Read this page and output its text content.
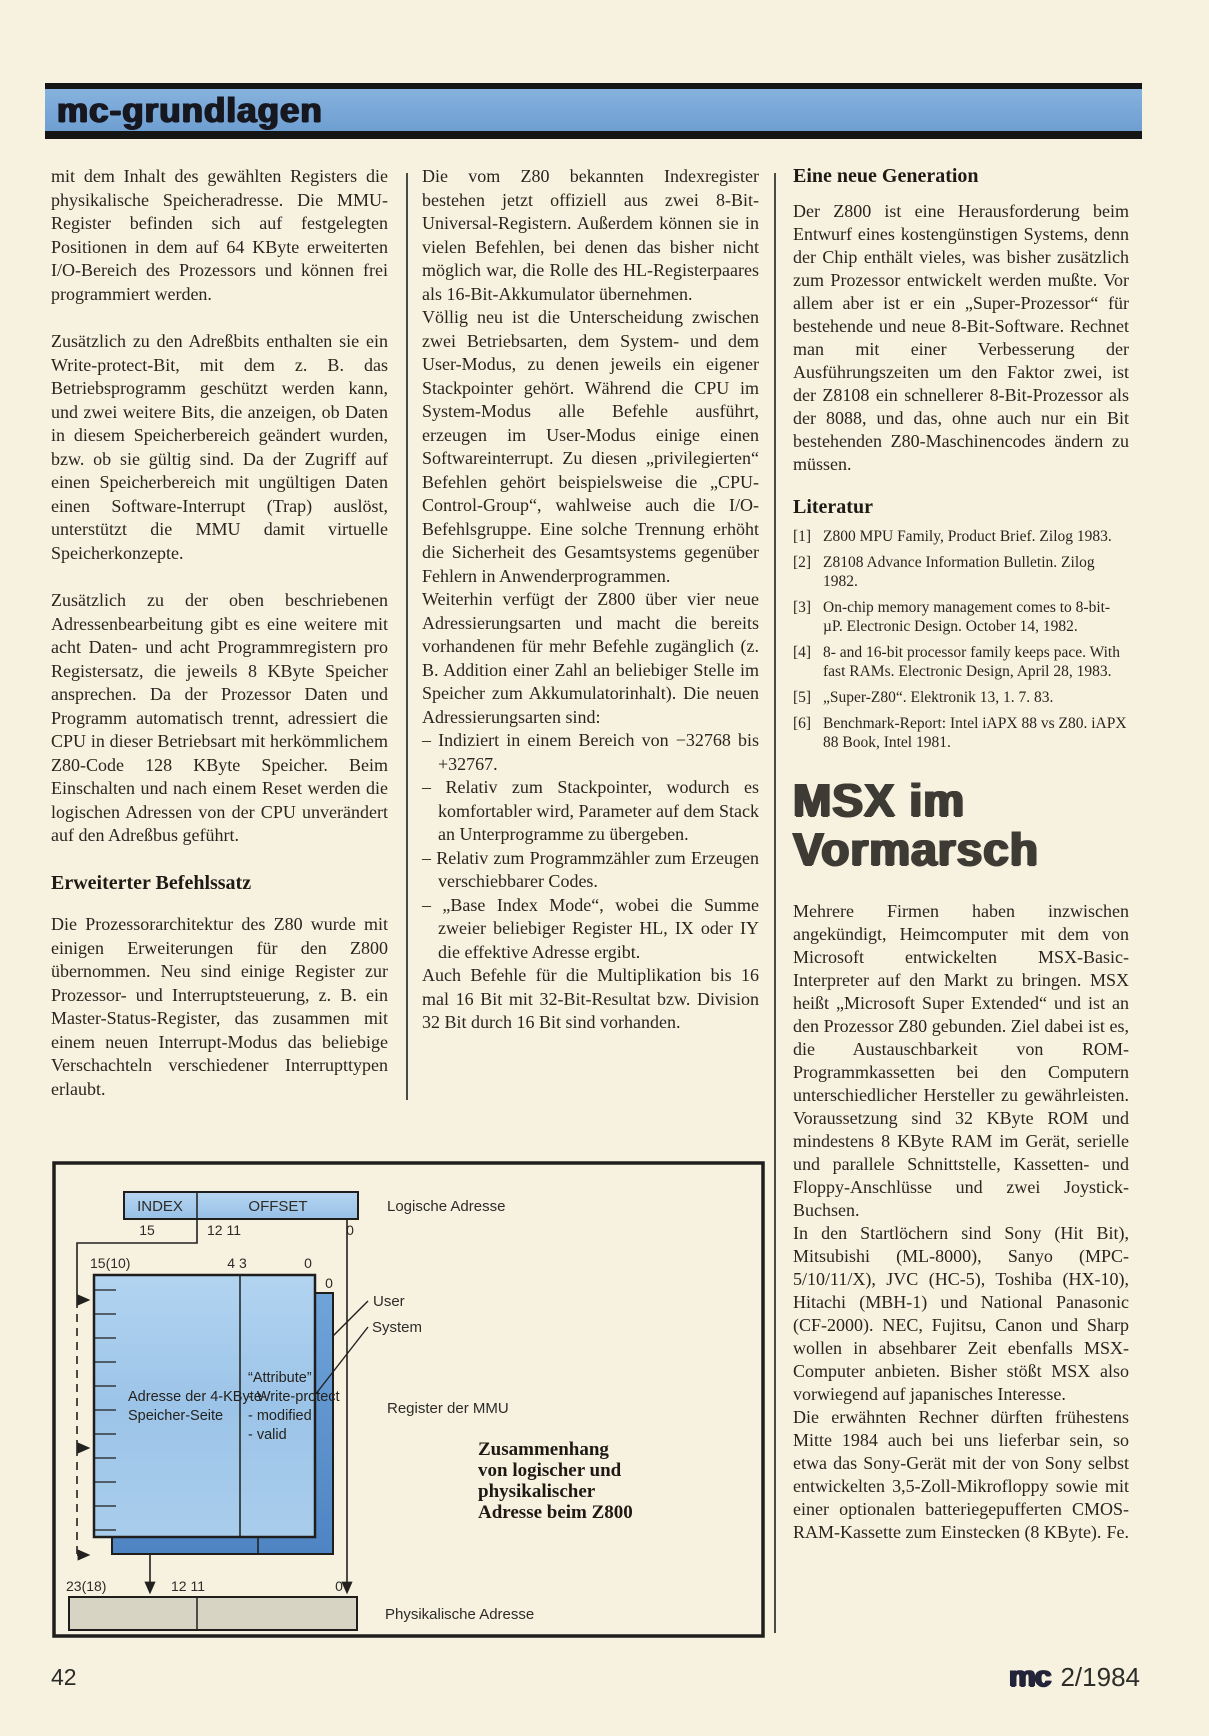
mc-grundlagen

mit dem Inhalt des gewählten Registers die physikalische Speicheradresse. Die MMU-Register befinden sich auf festgelegten Positionen in dem auf 64 KByte erweiterten I/O-Bereich des Prozessors und können frei programmiert werden.

Zusätzlich zu den Adreßbits enthalten sie ein Write-protect-Bit, mit dem z. B. das Betriebsprogramm geschützt werden kann, und zwei weitere Bits, die anzeigen, ob Daten in diesem Speicherbereich geändert wurden, bzw. ob sie gültig sind. Da der Zugriff auf einen Speicherbereich mit ungültigen Daten einen Software-Interrupt (Trap) auslöst, unterstützt die MMU damit virtuelle Speicherkonzepte.

Zusätzlich zu der oben beschriebenen Adressenbearbeitung gibt es eine weitere mit acht Daten- und acht Programmregistern pro Registersatz, die jeweils 8 KByte Speicher ansprechen. Da der Prozessor Daten und Programm automatisch trennt, adressiert die CPU in dieser Betriebsart mit herkömmlichem Z80-Code 128 KByte Speicher. Beim Einschalten und nach einem Reset werden die logischen Adressen von der CPU unverändert auf den Adreßbus geführt.

Erweiterter Befehlssatz

Die Prozessorarchitektur des Z80 wurde mit einigen Erweiterungen für den Z800 übernommen. Neu sind einige Register zur Prozessor- und Interruptsteuerung, z. B. ein Master-Status-Register, das zusammen mit einem neuen Interrupt-Modus das beliebige Verschachteln verschiedener Interrupttypen erlaubt.

Die vom Z80 bekannten Indexregister bestehen jetzt offiziell aus zwei 8-Bit-Universal-Registern. Außerdem können sie in vielen Befehlen, bei denen das bisher nicht möglich war, die Rolle des HL-Registerpaares als 16-Bit-Akkumulator übernehmen.

Völlig neu ist die Unterscheidung zwischen zwei Betriebsarten, dem System- und dem User-Modus, zu denen jeweils ein eigener Stackpointer gehört. Während die CPU im System-Modus alle Befehle ausführt, erzeugen im User-Modus einige einen Softwareinterrupt. Zu diesen „privilegierten“ Befehlen gehört beispielsweise die „CPU-Control-Group“, wahlweise auch die I/O-Befehlsgruppe. Eine solche Trennung erhöht die Sicherheit des Gesamtsystems gegenüber Fehlern in Anwenderprogrammen.

Weiterhin verfügt der Z800 über vier neue Adressierungsarten und macht die bereits vorhandenen für mehr Befehle zugänglich (z. B. Addition einer Zahl an beliebiger Stelle im Speicher zum Akkumulatorinhalt). Die neuen Adressierungsarten sind:

– Indiziert in einem Bereich von −32768 bis +32767.
– Relativ zum Stackpointer, wodurch es komfortabler wird, Parameter auf dem Stack an Unterprogramme zu übergeben.
– Relativ zum Programmzähler zum Erzeugen verschiebbarer Codes.
– „Base Index Mode“, wobei die Summe zweier beliebiger Register HL, IX oder IY die effektive Adresse ergibt.

Auch Befehle für die Multiplikation bis 16 mal 16 Bit mit 32-Bit-Resultat bzw. Division 32 Bit durch 16 Bit sind vorhanden.

Eine neue Generation

Der Z800 ist eine Herausforderung beim Entwurf eines kostengünstigen Systems, denn der Chip enthält vieles, was bisher zusätzlich zum Prozessor entwickelt werden mußte. Vor allem aber ist er ein „Super-Prozessor“ für bestehende und neue 8-Bit-Software. Rechnet man mit einer Verbesserung der Ausführungszeiten um den Faktor zwei, ist der Z8108 ein schnellerer 8-Bit-Prozessor als der 8088, und das, ohne auch nur ein Bit bestehenden Z80-Maschinencodes ändern zu müssen.

Literatur
[1] Z800 MPU Family, Product Brief. Zilog 1983.
[2] Z8108 Advance Information Bulletin. Zilog 1982.
[3] On-chip memory management comes to 8-bit-µP. Electronic Design. October 14, 1982.
[4] 8- and 16-bit processor family keeps pace. With fast RAMs. Electronic Design, April 28, 1983.
[5] „Super-Z80“. Elektronik 13, 1. 7. 83.
[6] Benchmark-Report: Intel iAPX 88 vs Z80. iAPX 88 Book, Intel 1981.
MSX im
Vormarsch

Mehrere Firmen haben inzwischen angekündigt, Heimcomputer mit dem von Microsoft entwickelten MSX-Basic-Interpreter auf den Markt zu bringen. MSX heißt „Microsoft Super Extended“ und ist an den Prozessor Z80 gebunden. Ziel dabei ist es, die Austauschbarkeit von ROM-Programmkassetten bei den Computern unterschiedlicher Hersteller zu gewährleisten. Voraussetzung sind 32 KByte ROM und mindestens 8 KByte RAM im Gerät, serielle und parallele Schnittstelle, Kassetten- und Floppy-Anschlüsse und zwei Joystick-Buchsen.

In den Startlöchern sind Sony (Hit Bit), Mitsubishi (ML-8000), Sanyo (MPC-5/10/11/X), JVC (HC-5), Toshiba (HX-10), Hitachi (MBH-1) und National Panasonic (CF-2000). NEC, Fujitsu, Canon und Sharp wollen in absehbarer Zeit ebenfalls MSX-Computer anbieten. Bisher stößt MSX also vorwiegend auf japanisches Interesse.

Die erwähnten Rechner dürften frühestens Mitte 1984 auch bei uns lieferbar sein, so etwa das Sony-Gerät mit der von Sony selbst entwickelten 3,5-Zoll-Mikrofloppy sowie mit einer optionalen batteriegepufferten CMOS-RAM-Kassette zum Einstecken (8 KByte). Fe.

INDEX	OFFSET	Logische Adresse
15	12 11	0
15(10)	4 3	0
0
User
System
Adresse der 4-KByte-
Speicher-Seite
“Attribute”
- Write-protect
- modified
- valid
Register der MMU
Zusammenhang
von logischer und
physikalischer
Adresse beim Z800
23(18)	12 11	0
Physikalische Adresse
42	mc 2/1984
